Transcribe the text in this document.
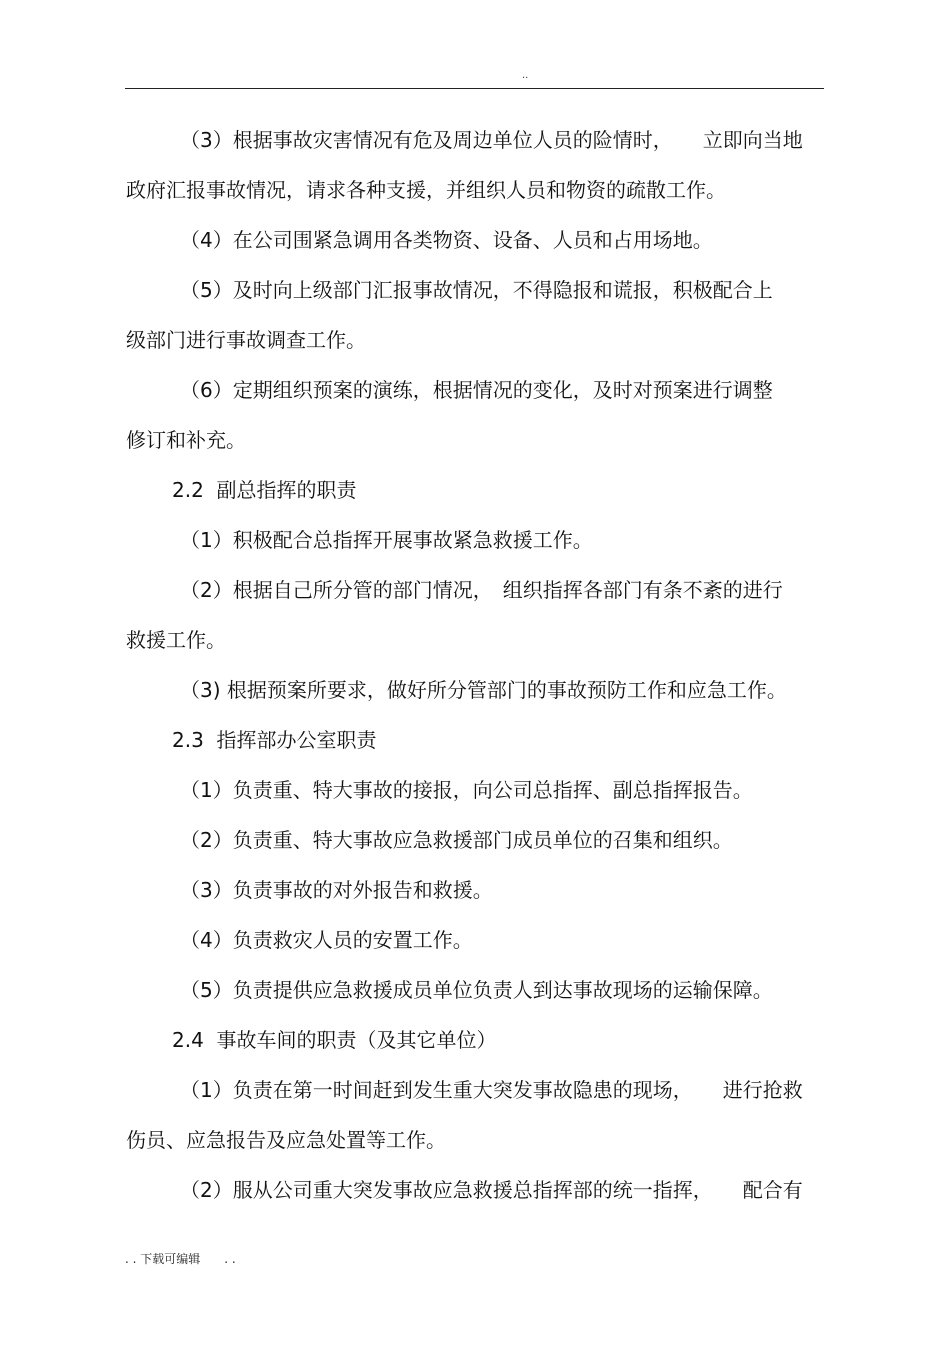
..

（3）根据事故灾害情况有危及周边单位人员的险情时，　　立即向当地

政府汇报事故情况，请求各种支援，并组织人员和物资的疏散工作。

（4）在公司围紧急调用各类物资、设备、人员和占用场地。

（5）及时向上级部门汇报事故情况，不得隐报和谎报，积极配合上

级部门进行事故调查工作。

（6）定期组织预案的演练，根据情况的变化，及时对预案进行调整

修订和补充。

2.2  副总指挥的职责

（1）积极配合总指挥开展事故紧急救援工作。

（2）根据自己所分管的部门情况，　组织指挥各部门有条不紊的进行

救援工作。

（3) 根据预案所要求，做好所分管部门的事故预防工作和应急工作。

2.3  指挥部办公室职责

（1）负责重、特大事故的接报，向公司总指挥、副总指挥报告。

（2）负责重、特大事故应急救援部门成员单位的召集和组织。

（3）负责事故的对外报告和救援。

（4）负责救灾人员的安置工作。

（5）负责提供应急救援成员单位负责人到达事故现场的运输保障。

2.4  事故车间的职责（及其它单位）

（1）负责在第一时间赶到发生重大突发事故隐患的现场，　　进行抢救

伤员、应急报告及应急处置等工作。

（2）服从公司重大突发事故应急救援总指挥部的统一指挥，　　配合有

. . 下载可编辑　　. .
